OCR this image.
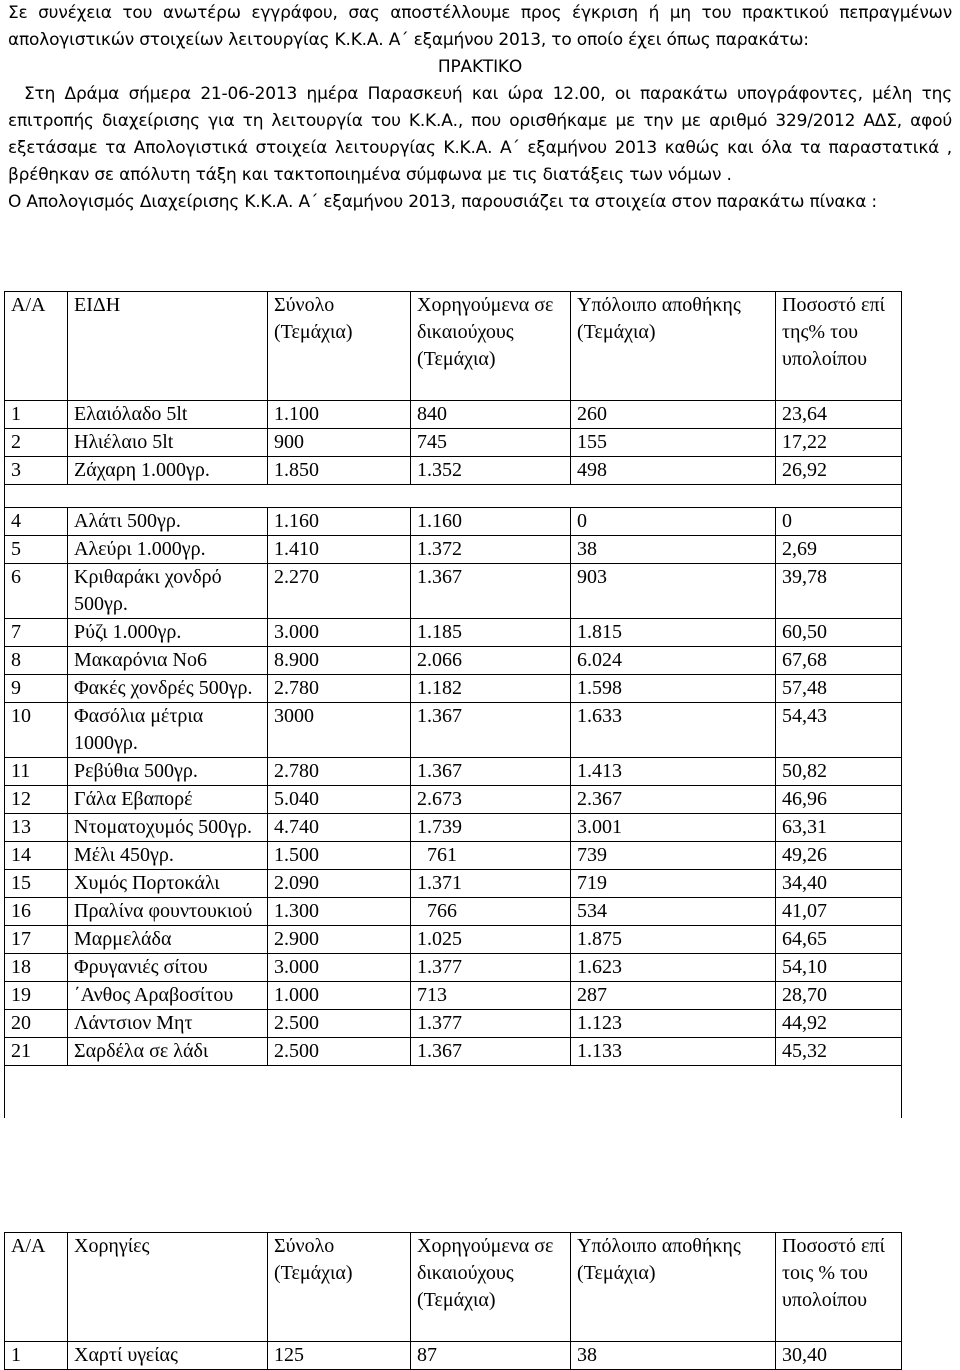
Σε συνέχεια του ανωτέρω εγγράφου, σας αποστέλλουμε προς έγκριση ή μη του πρακτικού πεπραγμένων απολογιστικών στοιχείων λειτουργίας Κ.Κ.Α. Α΄ εξαμήνου 2013, το οποίο έχει όπως παρακάτω:

ΠΡΑΚΤΙΚΟ

Στη Δράμα σήμερα 21-06-2013 ημέρα Παρασκευή και ώρα 12.00, οι παρακάτω υπογράφοντες, μέλη της επιτροπής διαχείρισης για τη λειτουργία του Κ.Κ.Α., που ορισθήκαμε με την με αριθμό 329/2012 ΑΔΣ, αφού εξετάσαμε τα Απολογιστικά στοιχεία λειτουργίας Κ.Κ.Α. Α΄ εξαμήνου 2013 καθώς και όλα τα παραστατικά , βρέθηκαν σε απόλυτη τάξη και τακτοποιημένα σύμφωνα με τις διατάξεις των νόμων .

Ο Απολογισμός Διαχείρισης Κ.Κ.Α. Α΄ εξαμήνου 2013, παρουσιάζει τα στοιχεία στον παρακάτω πίνακα :

Α/Α	ΕΙΔΗ	Σύνολο (Τεμάχια)	Χορηγούμενα σε δικαιούχους (Τεμάχια)	Υπόλοιπο αποθήκης (Τεμάχια)	Ποσοστό επί της% του υπολοίπου
1	Ελαιόλαδο 5lt	1.100	840	260	23,64
2	Ηλιέλαιο 5lt	900	745	155	17,22
3	Ζάχαρη 1.000γρ.	1.850	1.352	498	26,92

4	Αλάτι 500γρ.	1.160	1.160	0	0
5	Αλεύρι 1.000γρ.	1.410	1.372	38	2,69
6	Κριθαράκι χονδρό 500γρ.	2.270	1.367	903	39,78
7	Ρύζι 1.000γρ.	3.000	1.185	1.815	60,50
8	Μακαρόνια Νο6	8.900	2.066	6.024	67,68
9	Φακές χονδρές 500γρ.	2.780	1.182	1.598	57,48
10	Φασόλια μέτρια 1000γρ.	3000	1.367	1.633	54,43
11	Ρεβύθια 500γρ.	2.780	1.367	1.413	50,82
12	Γάλα Εβαπορέ	5.040	2.673	2.367	46,96
13	Ντοματοχυμός 500γρ.	4.740	1.739	3.001	63,31
14	Μέλι 450γρ.	1.500	761	739	49,26
15	Χυμός Πορτοκάλι	2.090	1.371	719	34,40
16	Πραλίνα φουντουκιού	1.300	766	534	41,07
17	Μαρμελάδα	2.900	1.025	1.875	64,65
18	Φρυγανιές σίτου	3.000	1.377	1.623	54,10
19	΄Ανθος Αραβοσίτου	1.000	713	287	28,70
20	Λάντσιον Μητ	2.500	1.377	1.123	44,92
21	Σαρδέλα σε λάδι	2.500	1.367	1.133	45,32

Α/Α	Χορηγίες	Σύνολο (Τεμάχια)	Χορηγούμενα σε δικαιούχους (Τεμάχια)	Υπόλοιπο αποθήκης (Τεμάχια)	Ποσοστό επί τοις % του υπολοίπου
1	Χαρτί υγείας	125	87	38	30,40
